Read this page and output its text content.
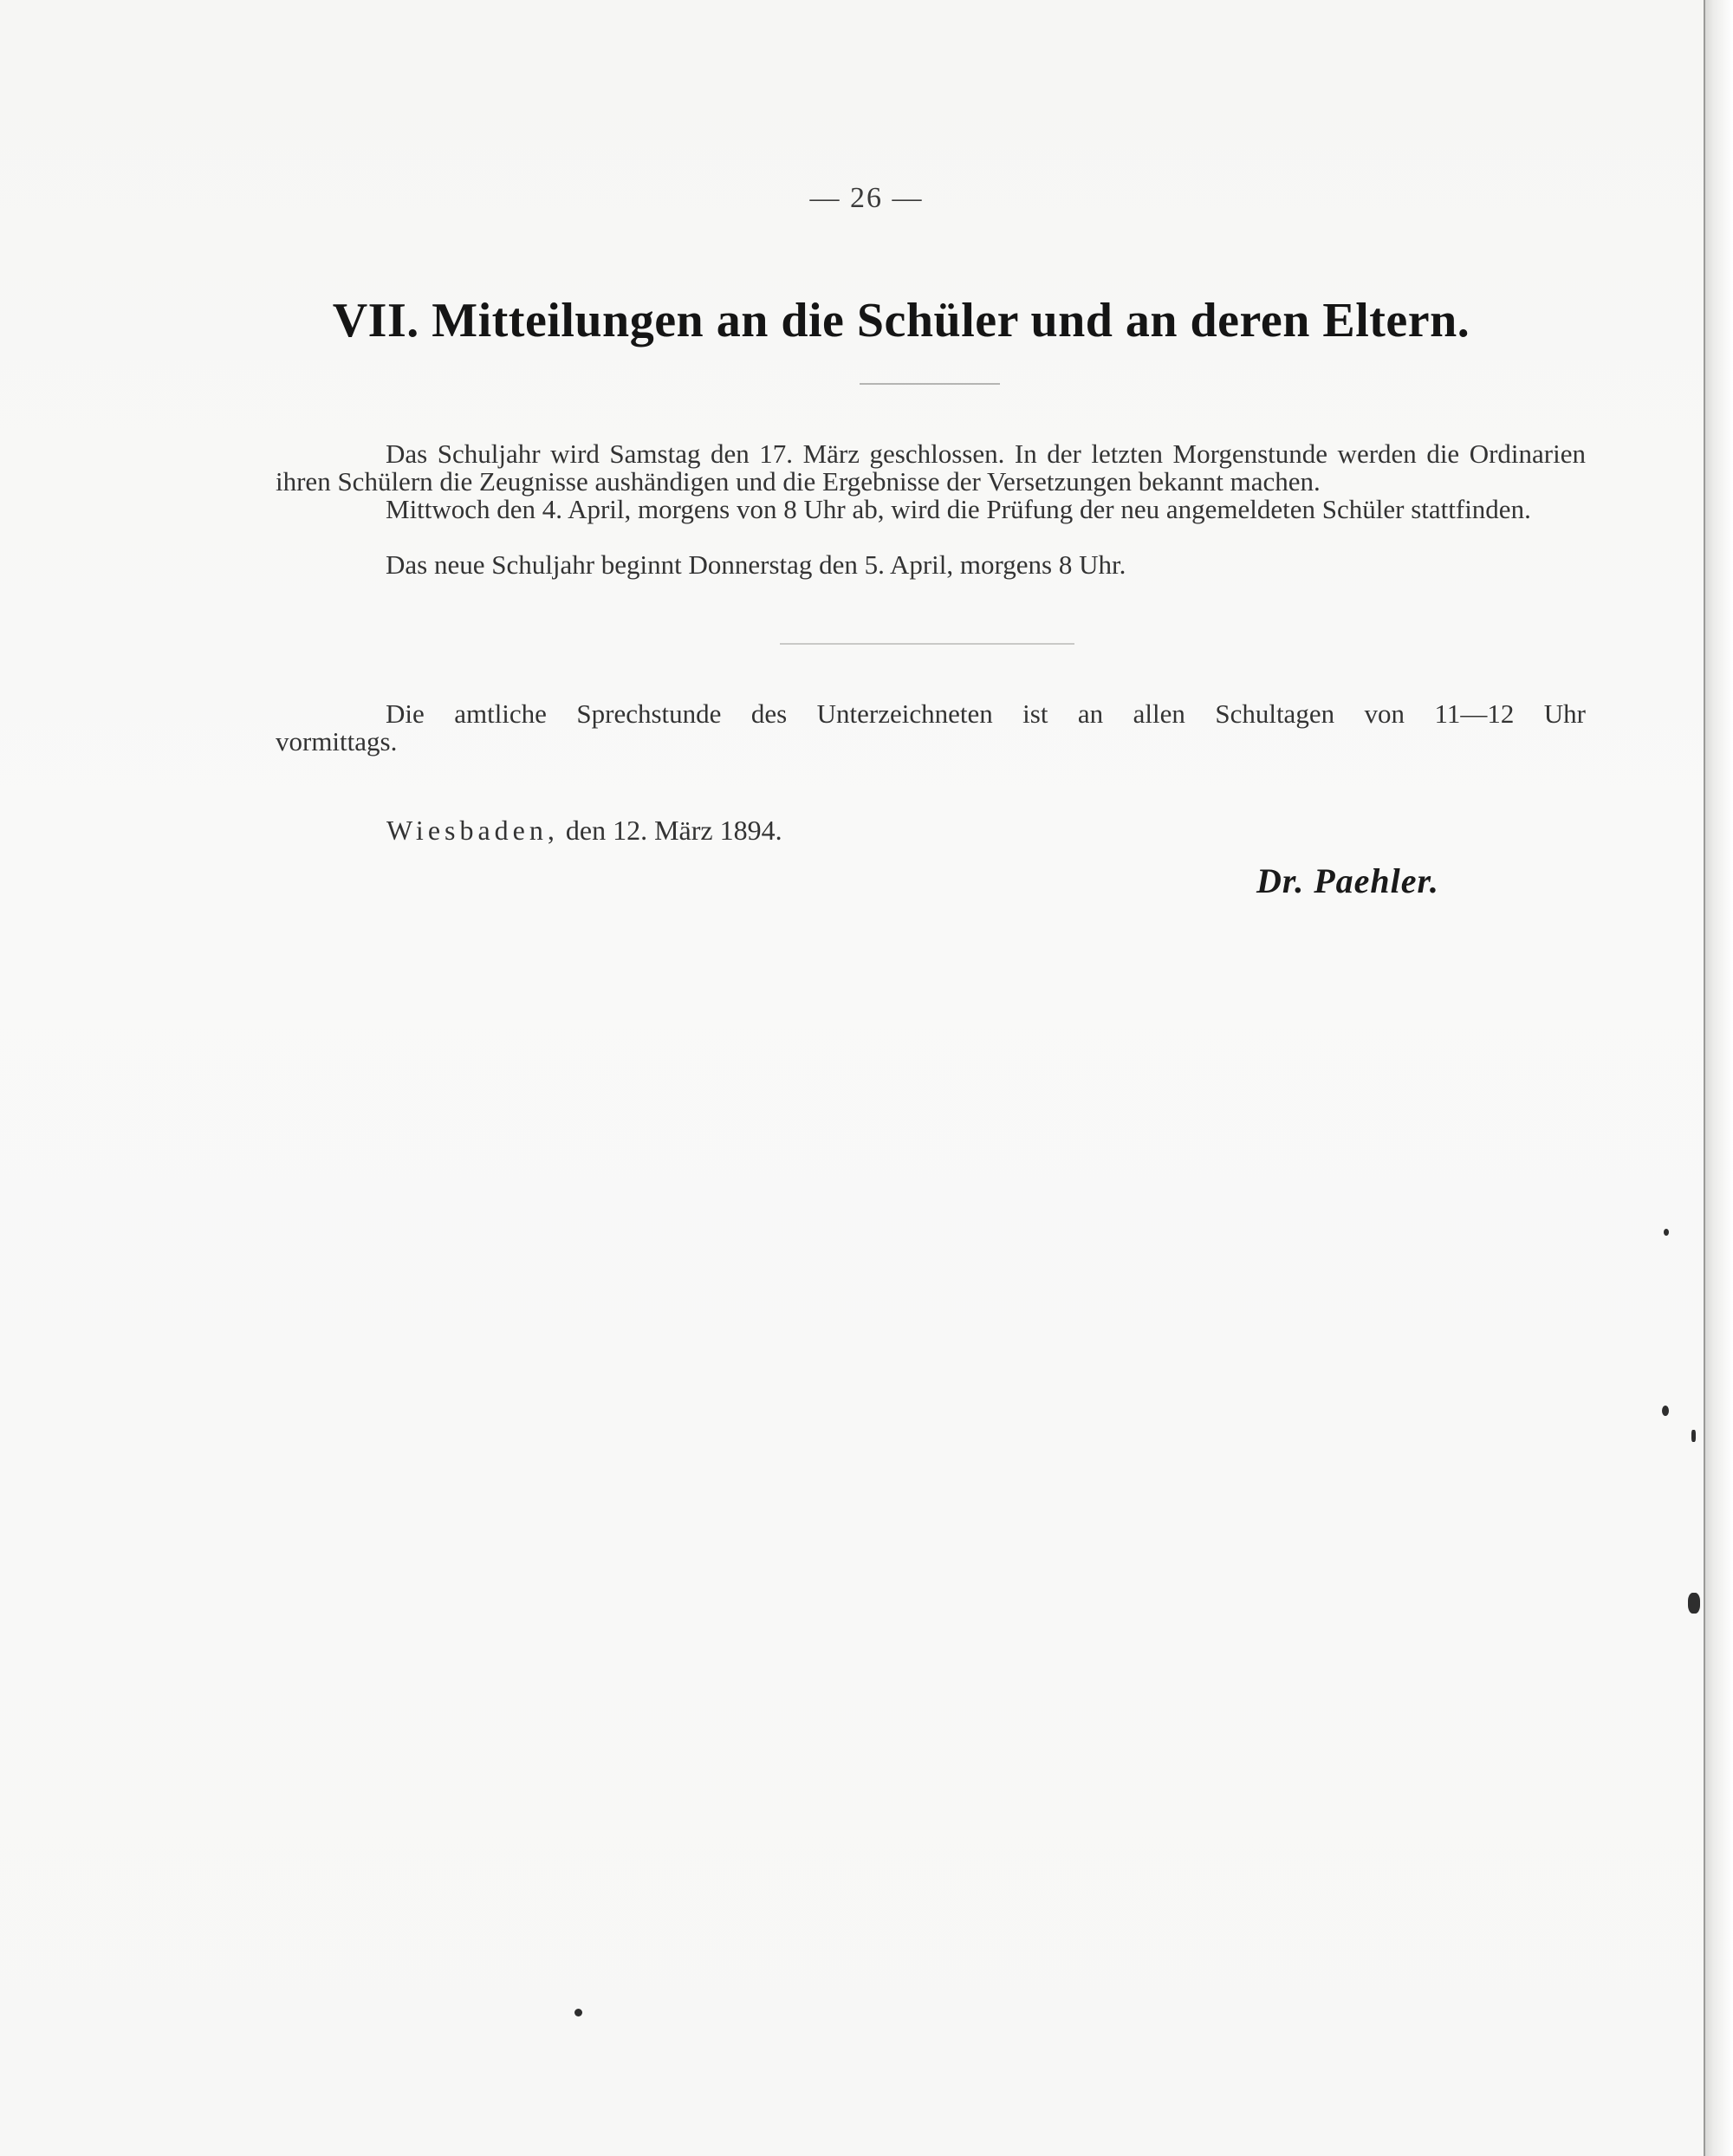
— 26 —
VII. Mitteilungen an die Schüler und an deren Eltern.
Das Schuljahr wird Samstag den 17. März geschlossen. In der letzten Morgenstunde werden die Ordinarien ihren Schülern die Zeugnisse aushändigen und die Ergebnisse der Versetzungen bekannt machen.
Mittwoch den 4. April, morgens von 8 Uhr ab, wird die Prüfung der neu angemeldeten Schüler stattfinden.
Das neue Schuljahr beginnt Donnerstag den 5. April, morgens 8 Uhr.
Die amtliche Sprechstunde des Unterzeichneten ist an allen Schultagen von 11—12 Uhr vormittags.
Wiesbaden, den 12. März 1894.
Dr. Paehler.
